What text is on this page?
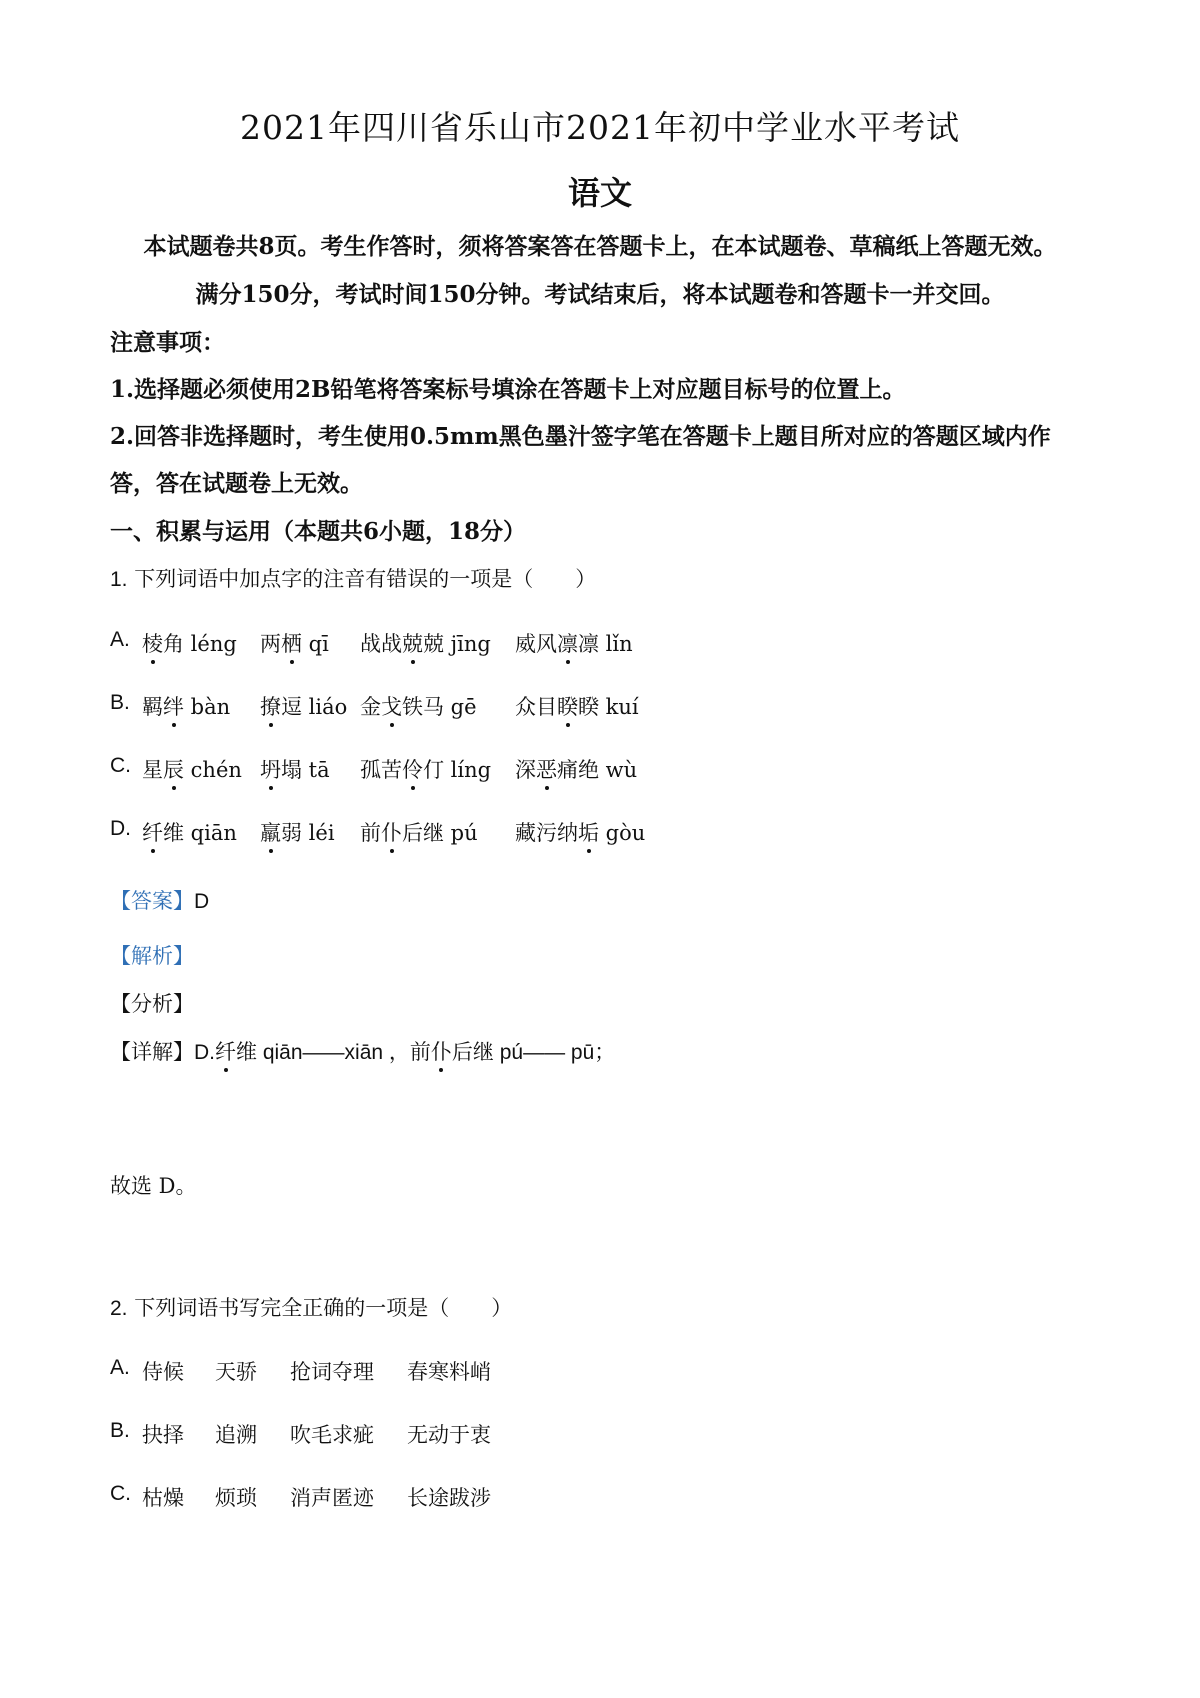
2021年四川省乐山市2021年初中学业水平考试
语文
本试题卷共8页。考生作答时，须将答案答在答题卡上，在本试题卷、草稿纸上答题无效。
满分150分，考试时间150分钟。考试结束后，将本试题卷和答题卡一并交回。
注意事项：
1.选择题必须使用2B铅笔将答案标号填涂在答题卡上对应题目标号的位置上。
2.回答非选择题时，考生使用0.5mm黑色墨汁签字笔在答题卡上题目所对应的答题区域内作
答，答在试题卷上无效。
一、积累与运用（本题共6小题，18分）
1. 下列词语中加点字的注音有错误的一项是（　　）
A. 棱角 léng 两栖 qī 战战兢兢 jīng 威风凛凛 lǐn
B. 羁绊 bàn 撩逗 liáo 金戈铁马 gē 众目睽睽 kuí
C. 星辰 chén 坍塌 tā 孤苦伶仃 líng 深恶痛绝 wù
D. 纤维 qiān 羸弱 léi 前仆后继 pú 藏污纳垢 gòu
【答案】D
【解析】
【分析】
【详解】D.纤维 qiān——xiān ，前仆后继 pú—— pū；
故选 D。
2. 下列词语书写完全正确的一项是（　　）
A. 侍候 天骄 抢词夺理 春寒料峭
B. 抉择 追溯 吹毛求疵 无动于衷
C. 枯燥 烦琐 消声匿迹 长途跋涉
